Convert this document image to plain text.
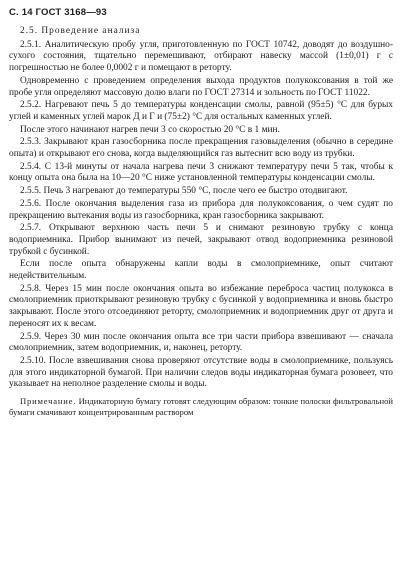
С. 14 ГОСТ 3168—93
2.5. Проведение анализа
2.5.1. Аналитическую пробу угля, приготовленную по ГОСТ 10742, доводят до воздушно-сухого состояния, тщательно перемешивают, отбирают навеску массой (1±0,01) г с погрешностью не более 0,0002 г и помещают в реторту.
Одновременно с проведением определения выхода продуктов полукоксования в той же пробе угля определяют массовую долю влаги по ГОСТ 27314 и зольность по ГОСТ 11022.
2.5.2. Нагревают печь 5 до температуры конденсации смолы, равной (95±5) °С для бурых углей и каменных углей марок Д и Г и (75±2) °С для остальных каменных углей.
После этого начинают нагрев печи 3 со скоростью 20 °С в 1 мин.
2.5.3. Закрывают кран газосборника после прекращения газовыделения (обычно в середине опыта) и открывают его снова, когда выделяющийся газ вытеснит всю воду из трубки.
2.5.4. С 13-й минуты от начала нагрева печи 3 снижают температуру печи 5 так, чтобы к концу опыта она была на 10—20 °С ниже установленной температуры конденсации смолы.
2.5.5. Печь 3 нагревают до температуры 550 °С, после чего ее быстро отодвигают.
2.5.6. После окончания выделения газа из прибора для полукоксования, о чем судят по прекращению вытекания воды из газосборника, кран газосборника закрывают.
2.5.7. Открывают верхнюю часть печи 5 и снимают резиновую трубку с конца водоприемника. Прибор вынимают из печей, закрывают отвод водоприемника резиновой трубкой с бусинкой.
Если после опыта обнаружены капли воды в смолоприемнике, опыт считают недействительным.
2.5.8. Через 15 мин после окончания опыта во избежание переброса частиц полукокса в смолоприемник приоткрывают резиновую трубку с бусинкой у водоприемника и вновь быстро закрывают. После этого отсоединяют реторту, смолоприемник и водоприемник друг от друга и переносят их к весам.
2.5.9. Через 30 мин после окончания опыта все три части прибора взвешивают — сначала смолоприемник, затем водоприемник, и, наконец, реторту.
2.5.10. После взвешивания снова проверяют отсутствие воды в смолоприемнике, пользуясь для этого индикаторной бумагой. При наличии следов воды индикаторная бумага розовеет, что указывает на неполное разделение смолы и воды.
Примечание. Индикаторную бумагу готовят следующим образом: тонкие полоски фильтровальной бумаги смачивают концентрированным раствором
